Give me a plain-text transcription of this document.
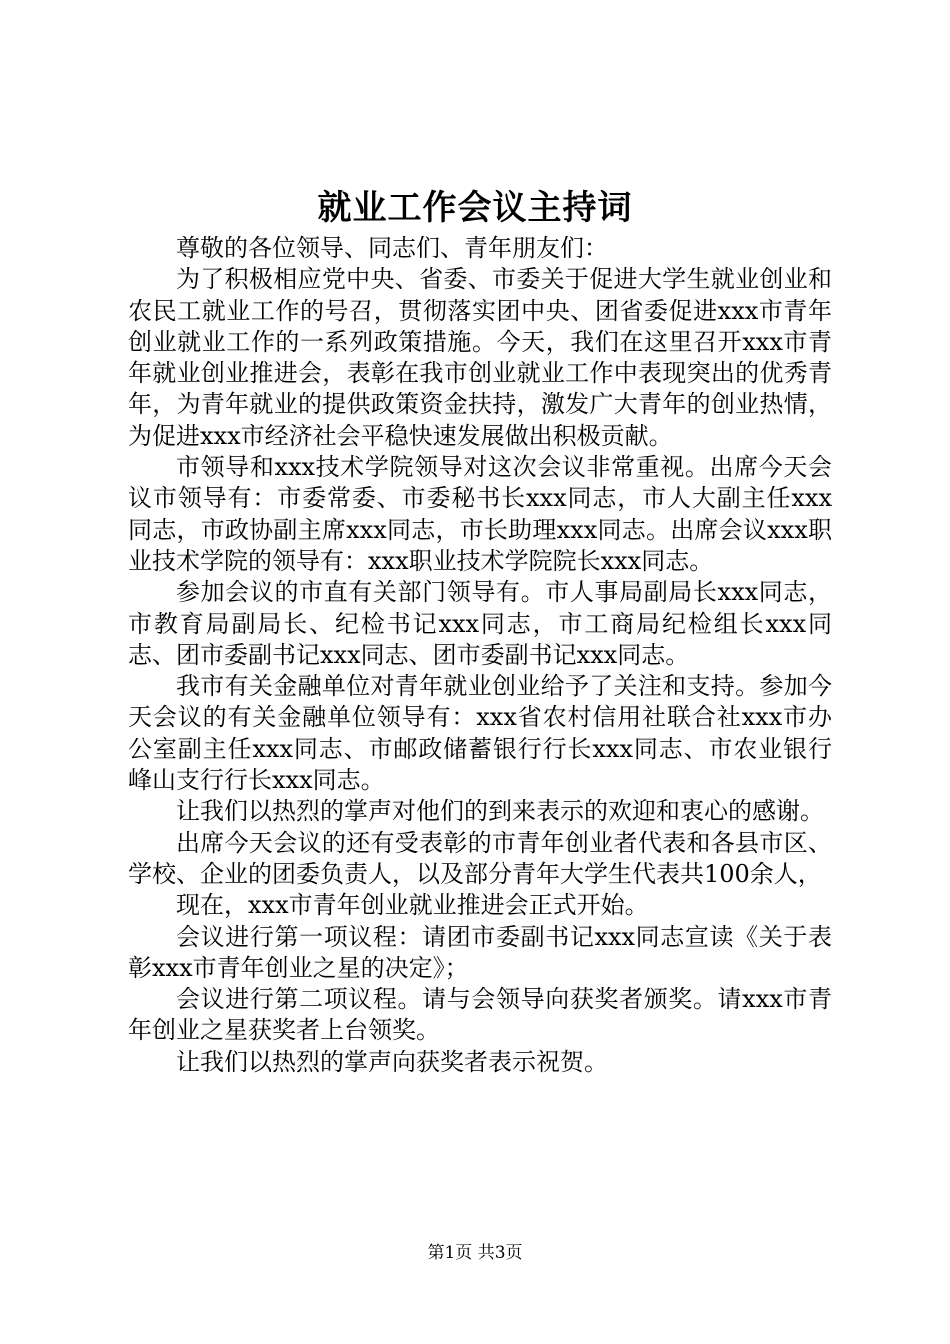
就业工作会议主持词

尊敬的各位领导、同志们、青年朋友们：

为了积极相应党中央、省委、市委关于促进大学生就业创业和农民工就业工作的号召，贯彻落实团中央、团省委促进xxx市青年创业就业工作的一系列政策措施。今天，我们在这里召开xxx市青年就业创业推进会，表彰在我市创业就业工作中表现突出的优秀青年，为青年就业的提供政策资金扶持，激发广大青年的创业热情，为促进xxx市经济社会平稳快速发展做出积极贡献。

市领导和xxx技术学院领导对这次会议非常重视。出席今天会议市领导有：市委常委、市委秘书长xxx同志，市人大副主任xxx同志，市政协副主席xxx同志，市长助理xxx同志。出席会议xxx职业技术学院的领导有：xxx职业技术学院院长xxx同志。

参加会议的市直有关部门领导有。市人事局副局长xxx同志，市教育局副局长、纪检书记xxx同志，市工商局纪检组长xxx同志、团市委副书记xxx同志、团市委副书记xxx同志。

我市有关金融单位对青年就业创业给予了关注和支持。参加今天会议的有关金融单位领导有：xxx省农村信用社联合社xxx市办公室副主任xxx同志、市邮政储蓄银行行长xxx同志、市农业银行峰山支行行长xxx同志。

让我们以热烈的掌声对他们的到来表示的欢迎和衷心的感谢。

出席今天会议的还有受表彰的市青年创业者代表和各县市区、学校、企业的团委负责人，以及部分青年大学生代表共100余人，

现在，xxx市青年创业就业推进会正式开始。

会议进行第一项议程：请团市委副书记xxx同志宣读《关于表彰xxx市青年创业之星的决定》；

会议进行第二项议程。请与会领导向获奖者颁奖。请xxx市青年创业之星获奖者上台领奖。

让我们以热烈的掌声向获奖者表示祝贺。

第1页 共3页
